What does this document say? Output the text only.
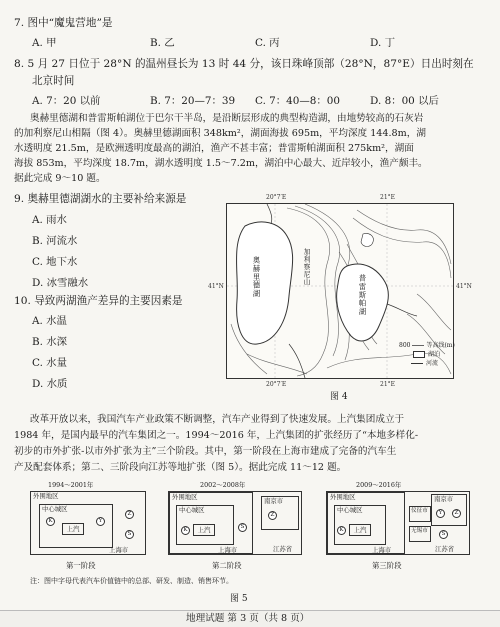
7. 图中“魔鬼营地”是
A. 甲	B. 乙	C. 丙	D. 丁
8. 5 月 27 日位于 28°N 的温州昼长为 13 时 44 分，该日珠峰顶部（28°N，87°E）日出时刻在
北京时间
A. 7：20 以前	B. 7：20—7：39 C. 7：40—8：00	D. 8：00 以后
奥赫里德湖和普雷斯帕湖位于巴尔干半岛，是沿断层形成的典型构造湖，由地势较高的石灰岩
的加利察尼山相隔（图 4）。奥赫里德湖面积 348km²，湖面海拔 695m，平均深度 144.8m，湖
水透明度 21.5m，是欧洲透明度最高的湖泊，渔产不甚丰富；普雷斯帕湖面积 275km²，湖面
海拔 853m，平均深度 18.7m，湖水透明度 1.5～7.2m，湖泊中心最大、近岸较小，渔产颇丰。
据此完成 9～10 题。
9. 奥赫里德湖湖水的主要补给来源是
A. 雨水
B. 河流水
C. 地下水
D. 冰雪融水
10. 导致两湖渔产差异的主要因素是
A. 水温
B. 水深
C. 水量
D. 水质
20°7′E	21°E
41°N	41°N
奥赫里德湖	普雷斯帕湖
加利察尼山
800	等高线(m)
湖泊
河流
20°7′E	21°E
图 4
改革开放以来，我国汽车产业政策不断调整，汽车产业得到了快速发展。上汽集团成立于
1984 年，是国内最早的汽车集团之一。1994～2016 年，上汽集团的扩张经历了“本地多样化-
初步的市外扩张-以市外扩张为主”三个阶段。其中，第一阶段在上海市建成了完备的汽车生
产及配套体系；第二、三阶段向江苏等地扩张（图 5）。据此完成 11～12 题。
1994～2001年
外围地区
中心城区
上汽
K	Y
Z
S
上海市
第一阶段
2002～2008年
外围地区
中心城区
上汽
K	S
上海市
南京市
Z
江苏省
第二阶段
2009～2016年
外围地区
中心城区
上汽
K
上海市
南京市
Y	Z
仪征市
无锡市	S
江苏省
第三阶段
注：图中字母代表汽车价值链中的总部、研发、制造、销售环节。
图 5
地理试题 第 3 页（共 8 页）
